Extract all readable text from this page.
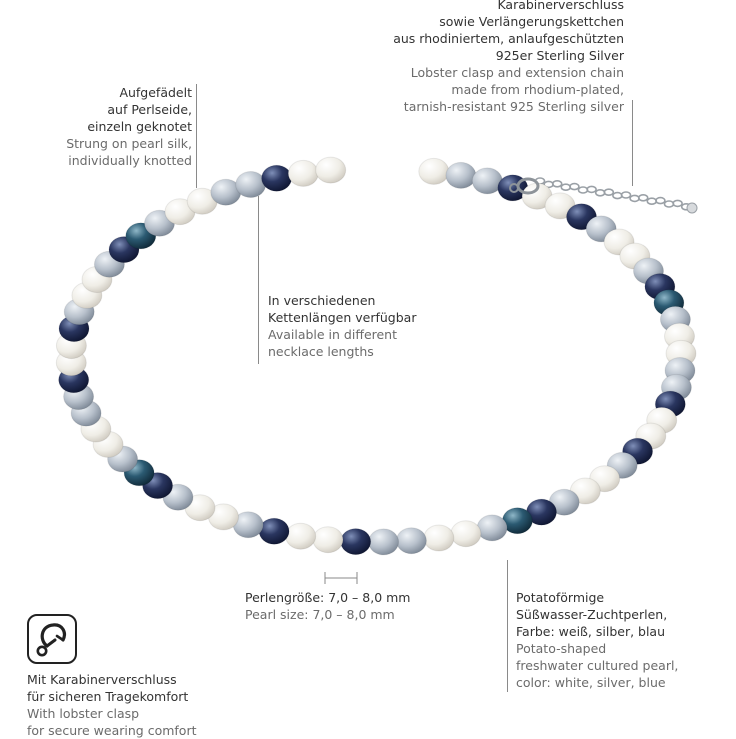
Karabinerverschluss
sowie Verlängerungskettchen
aus rhodiniertem, anlaufgeschützten
925er Sterling Silver
Lobster clasp and extension chain
made from rhodium-plated,
tarnish-resistant 925 Sterling silver
Aufgefädelt
auf Perlseide,
einzeln geknotet
Strung on pearl silk,
individually knotted
In verschiedenen
Kettenlängen verfügbar
Available in different
necklace lengths
Perlengröße: 7,0 – 8,0 mm
Pearl size: 7,0 – 8,0 mm
Potatoförmige
Süßwasser-Zuchtperlen,
Farbe: weiß, silber, blau
Potato-shaped
freshwater cultured pearl,
color: white, silver, blue
Mit Karabinerverschluss
für sicheren Tragekomfort
With lobster clasp
for secure wearing comfort
